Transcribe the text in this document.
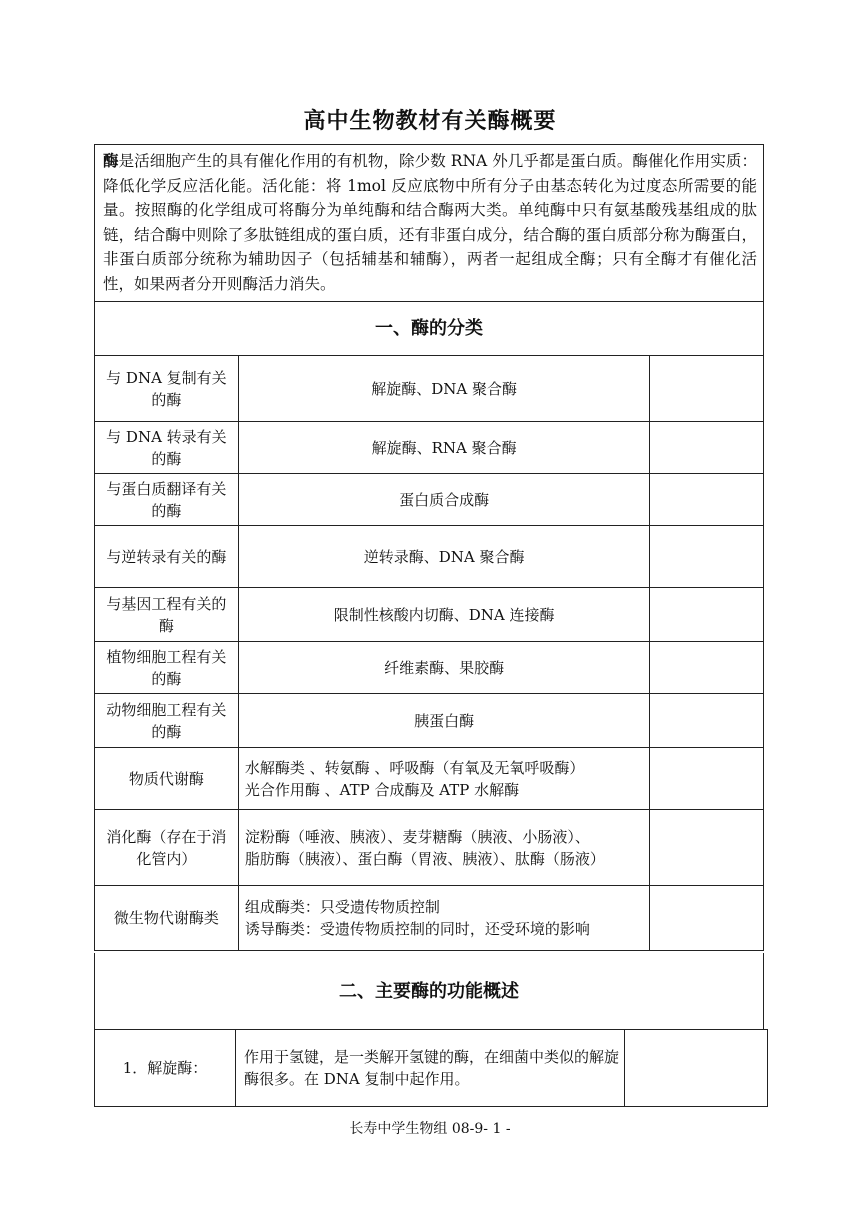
高中生物教材有关酶概要
酶是活细胞产生的具有催化作用的有机物，除少数 RNA 外几乎都是蛋白质。酶催化作用实质：降低化学反应活化能。活化能：将 1mol 反应底物中所有分子由基态转化为过度态所需要的能量。按照酶的化学组成可将酶分为单纯酶和结合酶两大类。单纯酶中只有氨基酸残基组成的肽链，结合酶中则除了多肽链组成的蛋白质，还有非蛋白成分，结合酶的蛋白质部分称为酶蛋白，非蛋白质部分统称为辅助因子（包括辅基和辅酶），两者一起组成全酶；只有全酶才有催化活性，如果两者分开则酶活力消失。
一、酶的分类
与 DNA 复制有关的酶	解旋酶、DNA 聚合酶	

与 DNA 转录有关的酶	解旋酶、RNA 聚合酶	

与蛋白质翻译有关的酶	蛋白质合成酶	

与逆转录有关的酶	逆转录酶、DNA 聚合酶	

与基因工程有关的酶	限制性核酸内切酶、DNA 连接酶	

植物细胞工程有关的酶	纤维素酶、果胶酶	

动物细胞工程有关的酶	胰蛋白酶	

物质代谢酶	水解酶类 、转氨酶 、呼吸酶（有氧及无氧呼吸酶）
光合作用酶 、ATP 合成酶及 ATP 水解酶	

消化酶（存在于消化管内）	淀粉酶（唾液、胰液）、麦芽糖酶（胰液、小肠液）、
脂肪酶（胰液）、蛋白酶（胃液、胰液）、肽酶（肠液）	

微生物代谢酶类	组成酶类：只受遗传物质控制
诱导酶类：受遗传物质控制的同时，还受环境的影响	

二、主要酶的功能概述
1．解旋酶：	作用于氢键，是一类解开氢键的酶，在细菌中类似的解旋酶很多。在 DNA 复制中起作用。	
长寿中学生物组 08-9- 1 -
